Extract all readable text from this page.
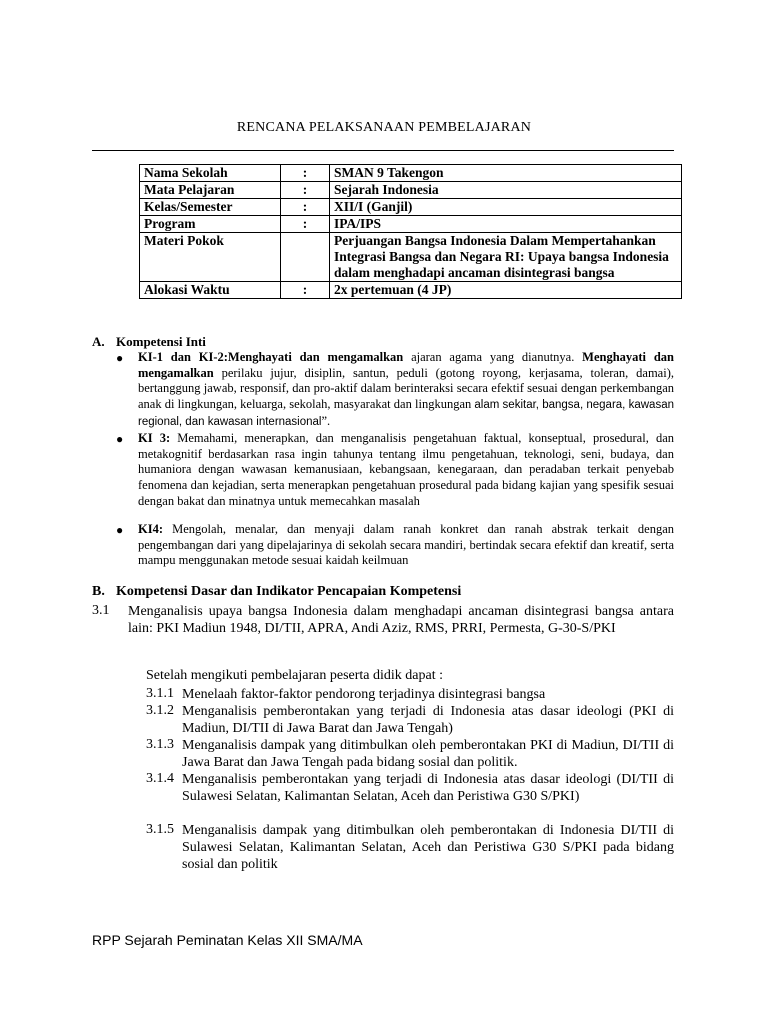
RENCANA PELAKSANAAN PEMBELAJARAN
Nama Sekolah	:	SMAN 9 Takengon
Mata Pelajaran	:	Sejarah Indonesia
Kelas/Semester	:	XII/I (Ganjil)
Program	:	IPA/IPS
Materi Pokok		Perjuangan Bangsa Indonesia Dalam Mempertahankan Integrasi Bangsa dan Negara RI: Upaya bangsa Indonesia dalam menghadapi ancaman disintegrasi bangsa
Alokasi Waktu	:	2x pertemuan (4 JP)
A. Kompetensi Inti
● KI-1 dan KI-2:Menghayati dan mengamalkan ajaran agama yang dianutnya. Menghayati dan mengamalkan perilaku jujur, disiplin, santun, peduli (gotong royong, kerjasama, toleran, damai), bertanggung jawab, responsif, dan pro-aktif dalam berinteraksi secara efektif sesuai dengan perkembangan anak di lingkungan, keluarga, sekolah, masyarakat dan lingkungan alam sekitar, bangsa, negara, kawasan regional, dan kawasan internasional”.
● KI 3: Memahami, menerapkan, dan menganalisis pengetahuan faktual, konseptual, prosedural, dan metakognitif berdasarkan rasa ingin tahunya tentang ilmu pengetahuan, teknologi, seni, budaya, dan humaniora dengan wawasan kemanusiaan, kebangsaan, kenegaraan, dan peradaban terkait penyebab fenomena dan kejadian, serta menerapkan pengetahuan prosedural pada bidang kajian yang spesifik sesuai dengan bakat dan minatnya untuk memecahkan masalah
● KI4: Mengolah, menalar, dan menyaji dalam ranah konkret dan ranah abstrak terkait dengan pengembangan dari yang dipelajarinya di sekolah secara mandiri, bertindak secara efektif dan kreatif, serta mampu menggunakan metode sesuai kaidah keilmuan
B. Kompetensi Dasar dan Indikator Pencapaian Kompetensi
3.1 Menganalisis upaya bangsa Indonesia dalam menghadapi ancaman disintegrasi bangsa antara lain: PKI Madiun 1948, DI/TII, APRA, Andi Aziz, RMS, PRRI, Permesta, G-30-S/PKI
Setelah mengikuti pembelajaran peserta didik dapat :
3.1.1 Menelaah faktor-faktor pendorong terjadinya disintegrasi bangsa
3.1.2 Menganalisis pemberontakan yang terjadi di Indonesia atas dasar ideologi (PKI di Madiun, DI/TII di Jawa Barat dan Jawa Tengah)
3.1.3 Menganalisis dampak yang ditimbulkan oleh pemberontakan PKI di Madiun, DI/TII di Jawa Barat dan Jawa Tengah pada bidang sosial dan politik.
3.1.4 Menganalisis pemberontakan yang terjadi di Indonesia atas dasar ideologi (DI/TII di Sulawesi Selatan, Kalimantan Selatan, Aceh dan Peristiwa G30 S/PKI)
3.1.5 Menganalisis dampak yang ditimbulkan oleh pemberontakan di Indonesia DI/TII di Sulawesi Selatan, Kalimantan Selatan, Aceh dan Peristiwa G30 S/PKI pada bidang sosial dan politik
RPP Sejarah Peminatan Kelas XII SMA/MA
